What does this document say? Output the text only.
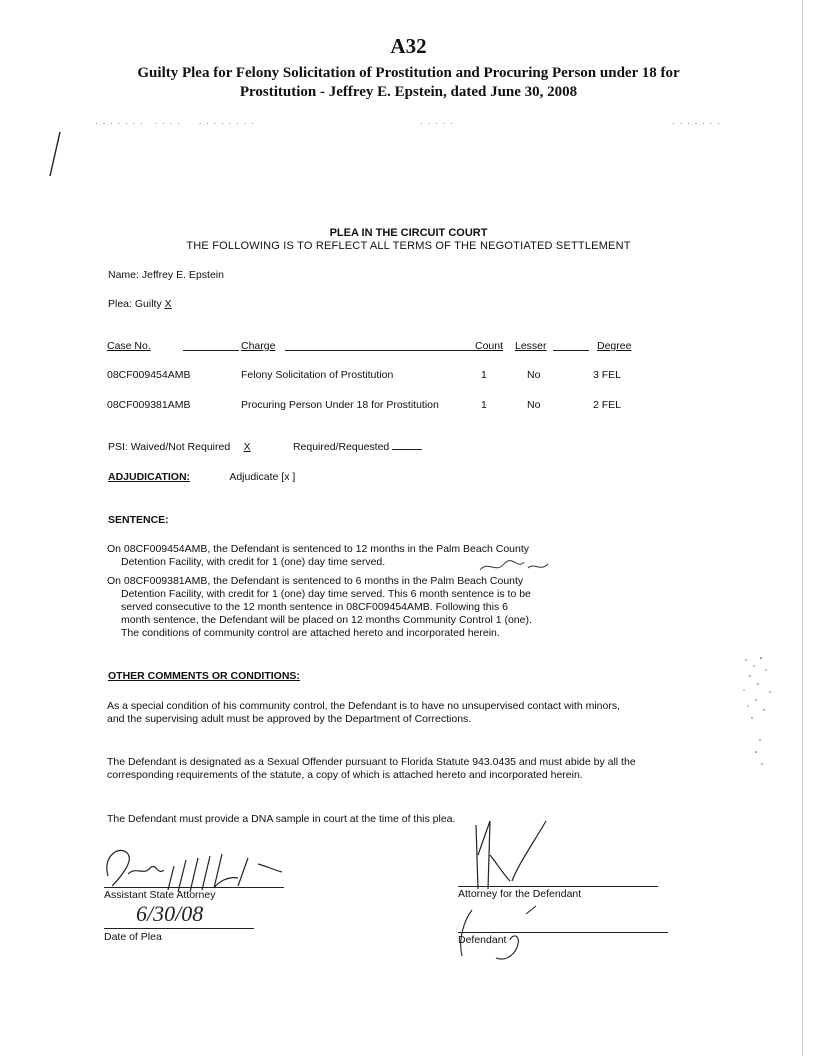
A32
Guilty Plea for Felony Solicitation of Prostitution and Procuring Person under 18 for
Prostitution - Jeffrey E. Epstein, dated June 30, 2008
· · · · · · ·   · · · ·     · · · · · · · ·	· · · · ·	· · · · · · ·
PLEA IN THE CIRCUIT COURT
THE FOLLOWING IS TO REFLECT ALL TERMS OF THE NEGOTIATED SETTLEMENT
Name: Jeffrey E. Epstein
Plea: Guilty X
Case No.	Charge	Count Lesser	Degree
08CF009454AMB	Felony Solicitation of Prostitution	1	No	3 FEL
08CF009381AMB	Procuring Person Under 18 for Prostitution	1	No	2 FEL
PSI: Waived/Not Required X	Required/Requested
ADJUDICATION:	Adjudicate [x ]
SENTENCE:
On 08CF009454AMB, the Defendant is sentenced to 12 months in the Palm Beach County
Detention Facility, with credit for 1 (one) day time served.
On 08CF009381AMB, the Defendant is sentenced to 6 months in the Palm Beach County
Detention Facility, with credit for 1 (one) day time served. This 6 month sentence is to be
served consecutive to the 12 month sentence in 08CF009454AMB. Following this 6
month sentence, the Defendant will be placed on 12 months Community Control 1 (one).
The conditions of community control are attached hereto and incorporated herein.
OTHER COMMENTS OR CONDITIONS:
As a special condition of his community control, the Defendant is to have no unsupervised contact with minors, and the supervising adult must be approved by the Department of Corrections.
The Defendant is designated as a Sexual Offender pursuant to Florida Statute 943.0435 and must abide by all the corresponding requirements of the statute, a copy of which is attached hereto and incorporated herein.
The Defendant must provide a DNA sample in court at the time of this plea.
Assistant State Attorney
6/30/08
Date of Plea
Attorney for the Defendant
Defendant
